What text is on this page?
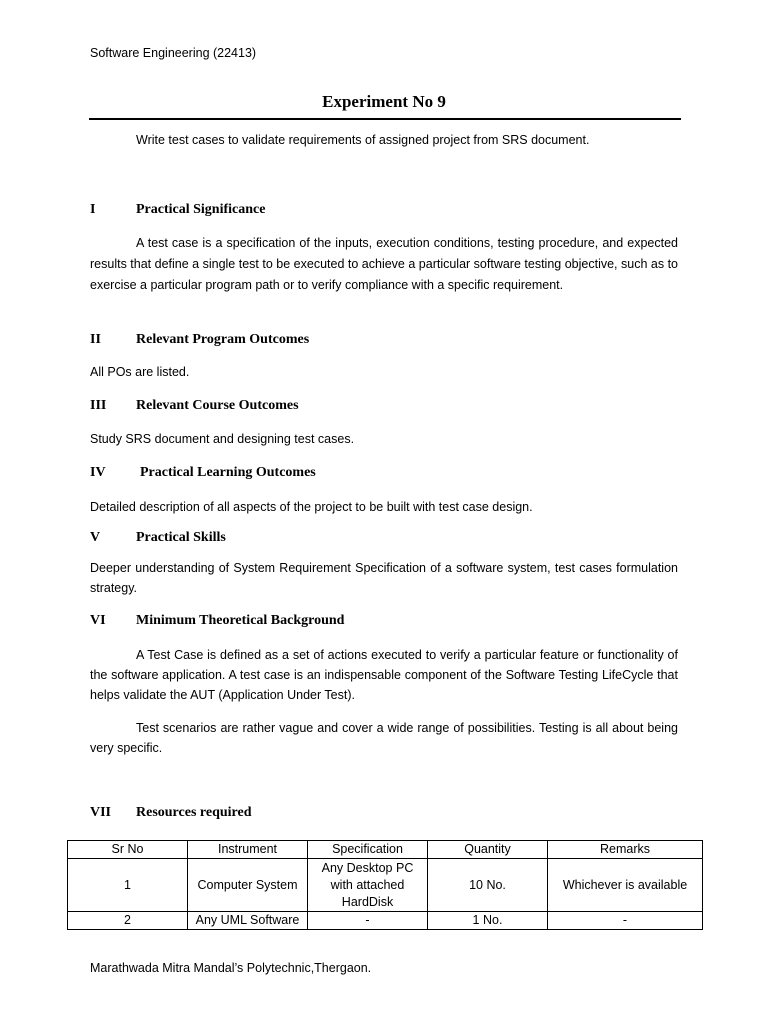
Software Engineering (22413)
Experiment No 9
Write test cases to validate requirements of assigned project from SRS document.
I	Practical Significance
A test case is a specification of the inputs, execution conditions, testing procedure, and expected results that define a single test to be executed to achieve a particular software testing objective, such as to exercise a particular program path or to verify compliance with a specific requirement.
II	Relevant Program Outcomes
All POs are listed.
III Relevant Course Outcomes
Study SRS document and designing test cases.
IV Practical Learning Outcomes
Detailed description of all aspects of the project to be built with test case design.
V	Practical Skills
Deeper understanding of System Requirement Specification of a software system, test cases formulation strategy.
VI Minimum Theoretical Background
A Test Case is defined as a set of actions executed to verify a particular feature or functionality of the software application. A test case is an indispensable component of the Software Testing LifeCycle that helps validate the AUT (Application Under Test).
Test scenarios are rather vague and cover a wide range of possibilities. Testing is all about being very specific.
VII Resources required
Sr No	Instrument	Specification	Quantity	Remarks
1	Computer System	Any Desktop PC with attached HardDisk	10 No.	Whichever is available
2	Any UML Software	-	1 No.	-
Marathwada Mitra Mandal’s Polytechnic,Thergaon.
